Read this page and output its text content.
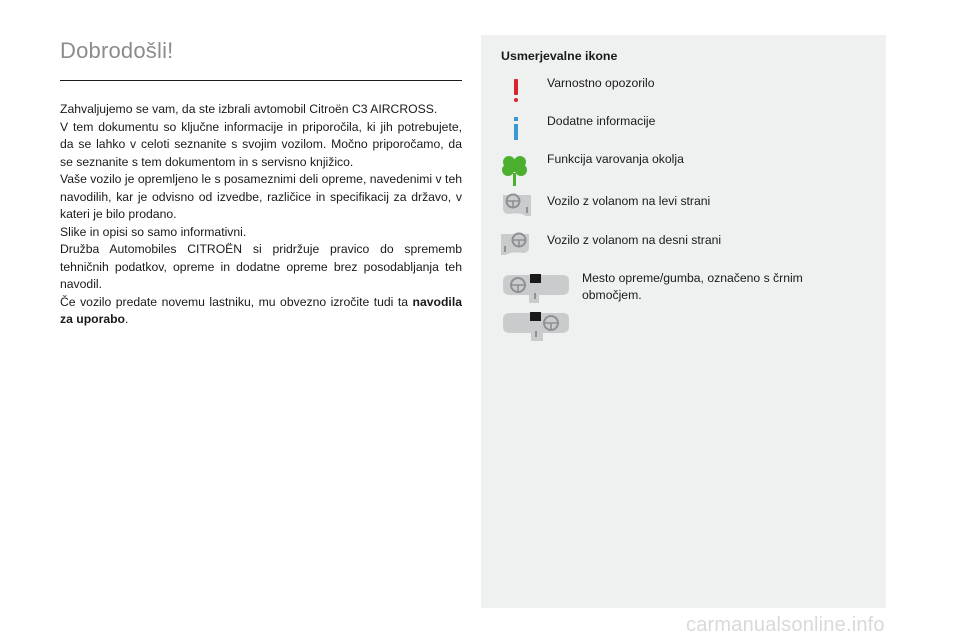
Dobrodošli!

Zahvaljujemo se vam, da ste izbrali avtomobil Citroën C3 AIRCROSS.

V tem dokumentu so ključne informacije in priporočila, ki jih potrebujete, da se lahko v celoti seznanite s svojim vozilom. Močno priporočamo, da se seznanite s tem dokumentom in s servisno knjižico.

Vaše vozilo je opremljeno le s posameznimi deli opreme, navedenimi v teh navodilih, kar je odvisno od izvedbe, različice in specifikacij za državo, v kateri je bilo prodano.

Slike in opisi so samo informativni.

Družba Automobiles CITROËN si pridržuje pravico do sprememb tehničnih podatkov, opreme in dodatne opreme brez posodabljanja teh navodil.

Če vozilo predate novemu lastniku, mu obvezno izročite tudi ta navodila za uporabo.

Usmerjevalne ikone
Varnostno opozorilo
Dodatne informacije
Funkcija varovanja okolja
Vozilo z volanom na levi strani
Vozilo z volanom na desni strani
Mesto opreme/gumba, označeno s črnim območjem.
carmanualsonline.info
